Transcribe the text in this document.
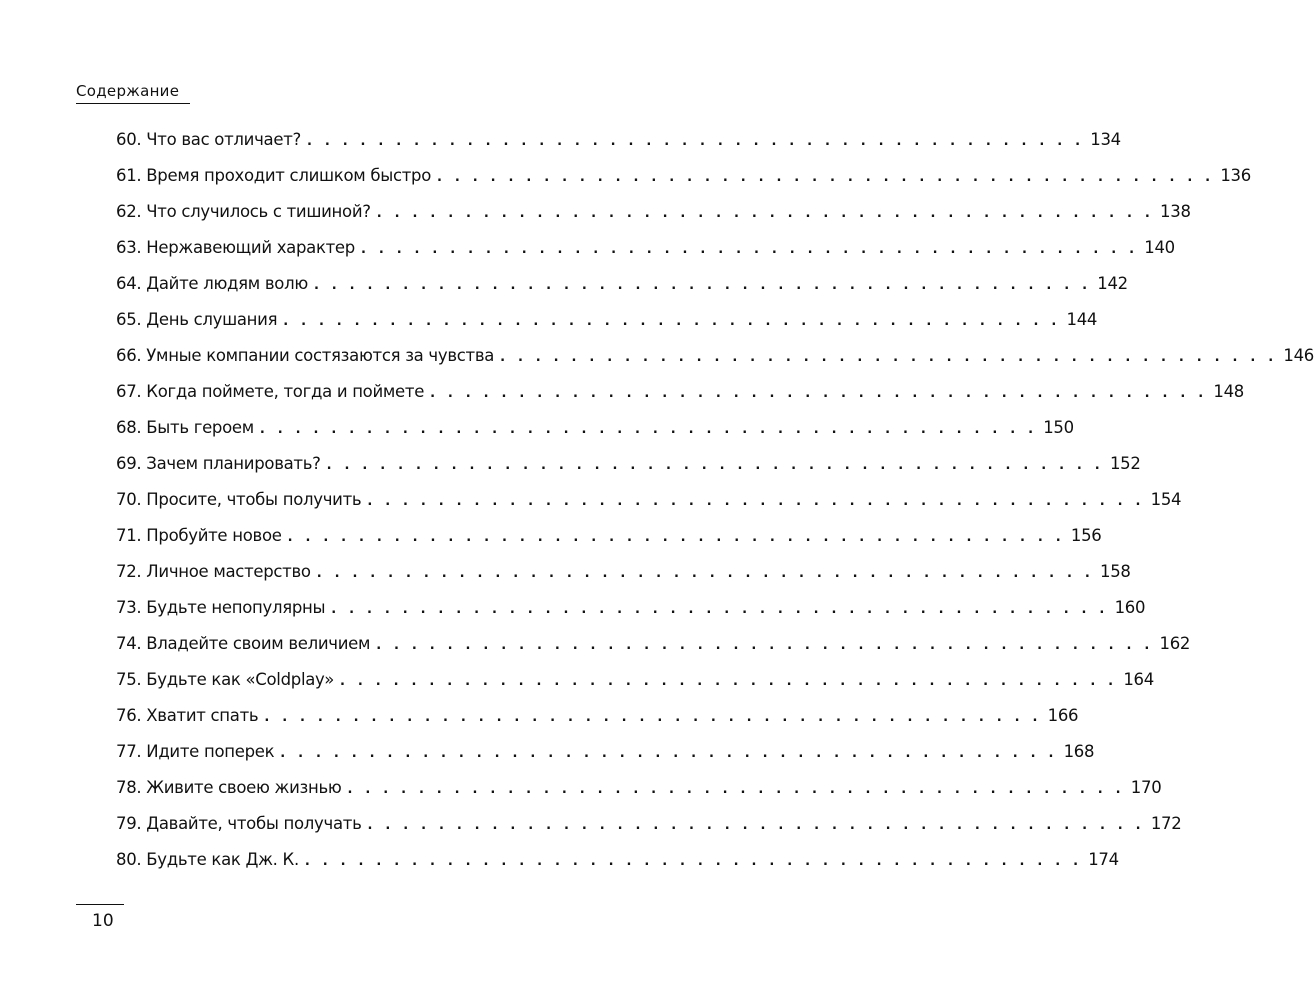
Содержание
60. Что вас отличает? . . . . . . . . . . . . . . . . . . . . . . . . . . . . . . . . . . . . . . . . . . . . 134
61. Время проходит слишком быстро . . . . . . . . . . . . . . . . . . . . . . . . . . . . . . . . . . . . . . . . . . . . 136
62. Что случилось с тишиной? . . . . . . . . . . . . . . . . . . . . . . . . . . . . . . . . . . . . . . . . . . . . 138
63. Нержавеющий характер . . . . . . . . . . . . . . . . . . . . . . . . . . . . . . . . . . . . . . . . . . . . 140
64. Дайте людям волю . . . . . . . . . . . . . . . . . . . . . . . . . . . . . . . . . . . . . . . . . . . . 142
65. День слушания . . . . . . . . . . . . . . . . . . . . . . . . . . . . . . . . . . . . . . . . . . . . 144
66. Умные компании состязаются за чувства . . . . . . . . . . . . . . . . . . . . . . . . . . . . . . . . . . . . . . . . . . . . 146
67. Когда поймете, тогда и поймете . . . . . . . . . . . . . . . . . . . . . . . . . . . . . . . . . . . . . . . . . . . . 148
68. Быть героем . . . . . . . . . . . . . . . . . . . . . . . . . . . . . . . . . . . . . . . . . . . . 150
69. Зачем планировать? . . . . . . . . . . . . . . . . . . . . . . . . . . . . . . . . . . . . . . . . . . . . 152
70. Просите, чтобы получить . . . . . . . . . . . . . . . . . . . . . . . . . . . . . . . . . . . . . . . . . . . . 154
71. Пробуйте новое . . . . . . . . . . . . . . . . . . . . . . . . . . . . . . . . . . . . . . . . . . . . 156
72. Личное мастерство . . . . . . . . . . . . . . . . . . . . . . . . . . . . . . . . . . . . . . . . . . . . 158
73. Будьте непопулярны . . . . . . . . . . . . . . . . . . . . . . . . . . . . . . . . . . . . . . . . . . . . 160
74. Владейте своим величием . . . . . . . . . . . . . . . . . . . . . . . . . . . . . . . . . . . . . . . . . . . . 162
75. Будьте как «Coldplay» . . . . . . . . . . . . . . . . . . . . . . . . . . . . . . . . . . . . . . . . . . . . 164
76. Хватит спать . . . . . . . . . . . . . . . . . . . . . . . . . . . . . . . . . . . . . . . . . . . . 166
77. Идите поперек . . . . . . . . . . . . . . . . . . . . . . . . . . . . . . . . . . . . . . . . . . . . 168
78. Живите своею жизнью . . . . . . . . . . . . . . . . . . . . . . . . . . . . . . . . . . . . . . . . . . . . 170
79. Давайте, чтобы получать . . . . . . . . . . . . . . . . . . . . . . . . . . . . . . . . . . . . . . . . . . . . 172
80. Будьте как Дж. К. . . . . . . . . . . . . . . . . . . . . . . . . . . . . . . . . . . . . . . . . . . . . 174
10
